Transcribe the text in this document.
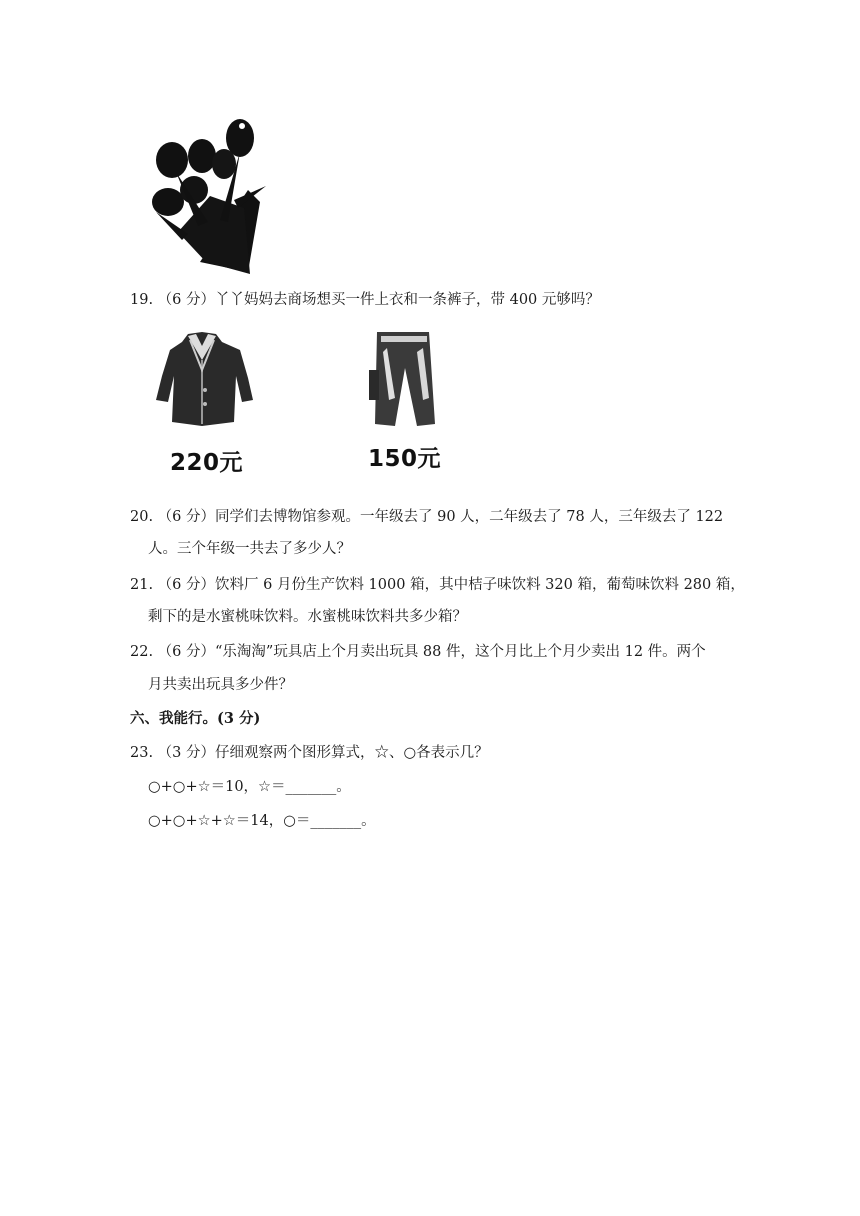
19. （6 分）丫丫妈妈去商场想买一件上衣和一条裤子，带 400 元够吗？
220元	150元
20. （6 分）同学们去博物馆参观。一年级去了 90 人，二年级去了 78 人，三年级去了 122
人。三个年级一共去了多少人？
21. （6 分）饮料厂 6 月份生产饮料 1000 箱，其中桔子味饮料 320 箱，葡萄味饮料 280 箱，
剩下的是水蜜桃味饮料。水蜜桃味饮料共多少箱？
22. （6 分）“乐淘淘”玩具店上个月卖出玩具 88 件，这个月比上个月少卖出 12 件。两个
月共卖出玩具多少件？
六、我能行。(3 分)
23. （3 分）仔细观察两个图形算式，☆、○各表示几？
○+○+☆＝10，☆＝_______。
○+○+☆+☆＝14，○＝_______。
